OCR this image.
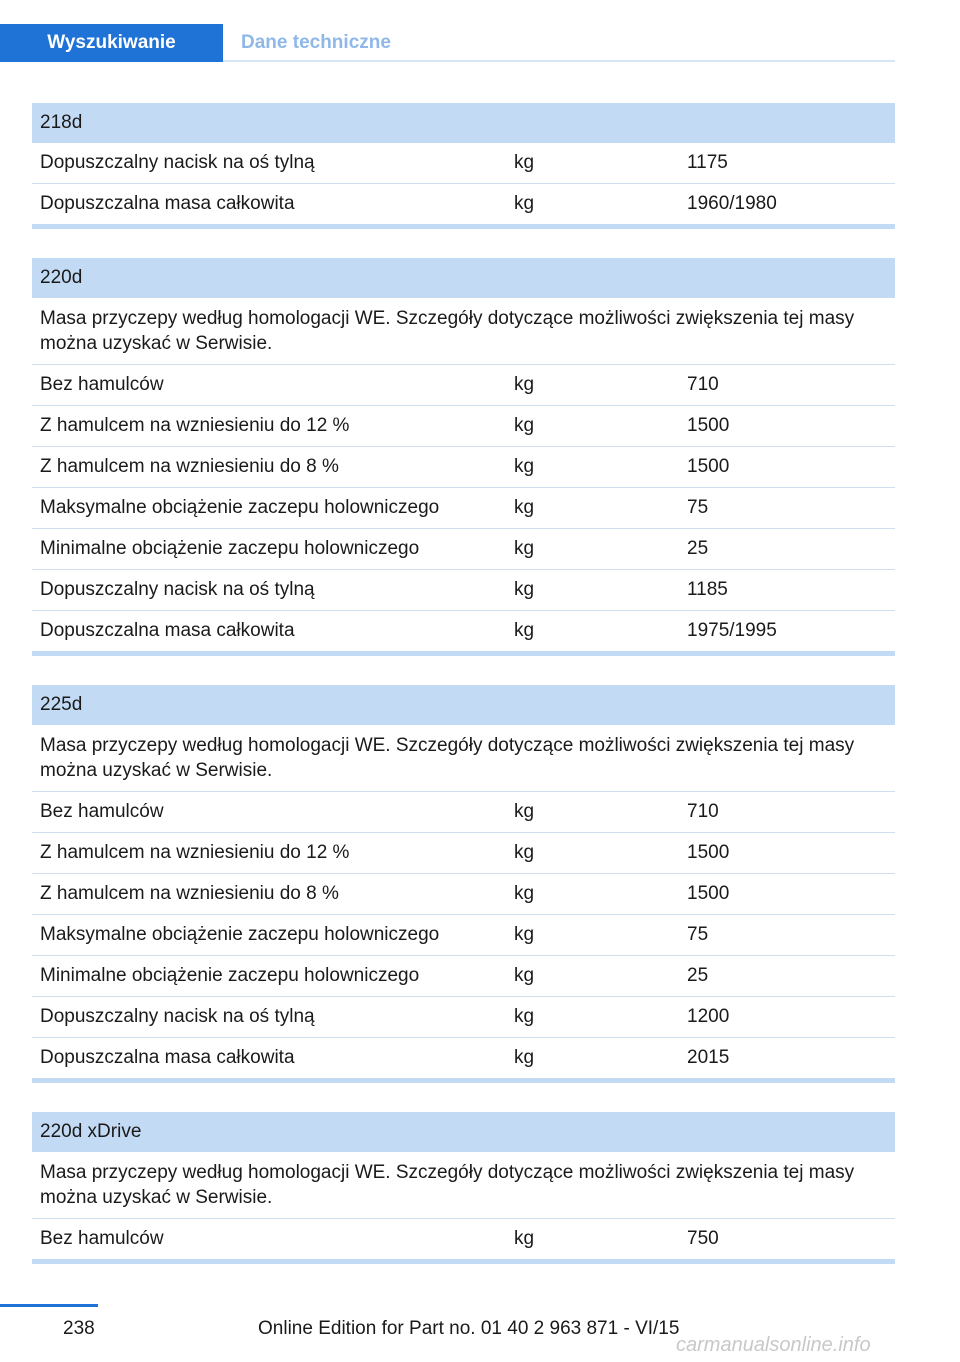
Wyszukiwanie	Dane techniczne
218d
Dopuszczalny nacisk na oś tylną	kg	1175
Dopuszczalna masa całkowita	kg	1960/1980
220d
Masa przyczepy według homologacji WE. Szczegóły dotyczące możliwości zwiększenia tej masy można uzyskać w Serwisie.
Bez hamulców	kg	710
Z hamulcem na wzniesieniu do 12 %	kg	1500
Z hamulcem na wzniesieniu do 8 %	kg	1500
Maksymalne obciążenie zaczepu holowniczego	kg	75
Minimalne obciążenie zaczepu holowniczego	kg	25
Dopuszczalny nacisk na oś tylną	kg	1185
Dopuszczalna masa całkowita	kg	1975/1995
225d
Masa przyczepy według homologacji WE. Szczegóły dotyczące możliwości zwiększenia tej masy można uzyskać w Serwisie.
Bez hamulców	kg	710
Z hamulcem na wzniesieniu do 12 %	kg	1500
Z hamulcem na wzniesieniu do 8 %	kg	1500
Maksymalne obciążenie zaczepu holowniczego	kg	75
Minimalne obciążenie zaczepu holowniczego	kg	25
Dopuszczalny nacisk na oś tylną	kg	1200
Dopuszczalna masa całkowita	kg	2015
220d xDrive
Masa przyczepy według homologacji WE. Szczegóły dotyczące możliwości zwiększenia tej masy można uzyskać w Serwisie.
Bez hamulców	kg	750
238	Online Edition for Part no. 01 40 2 963 871 - VI/15
carmanualsonline.info
